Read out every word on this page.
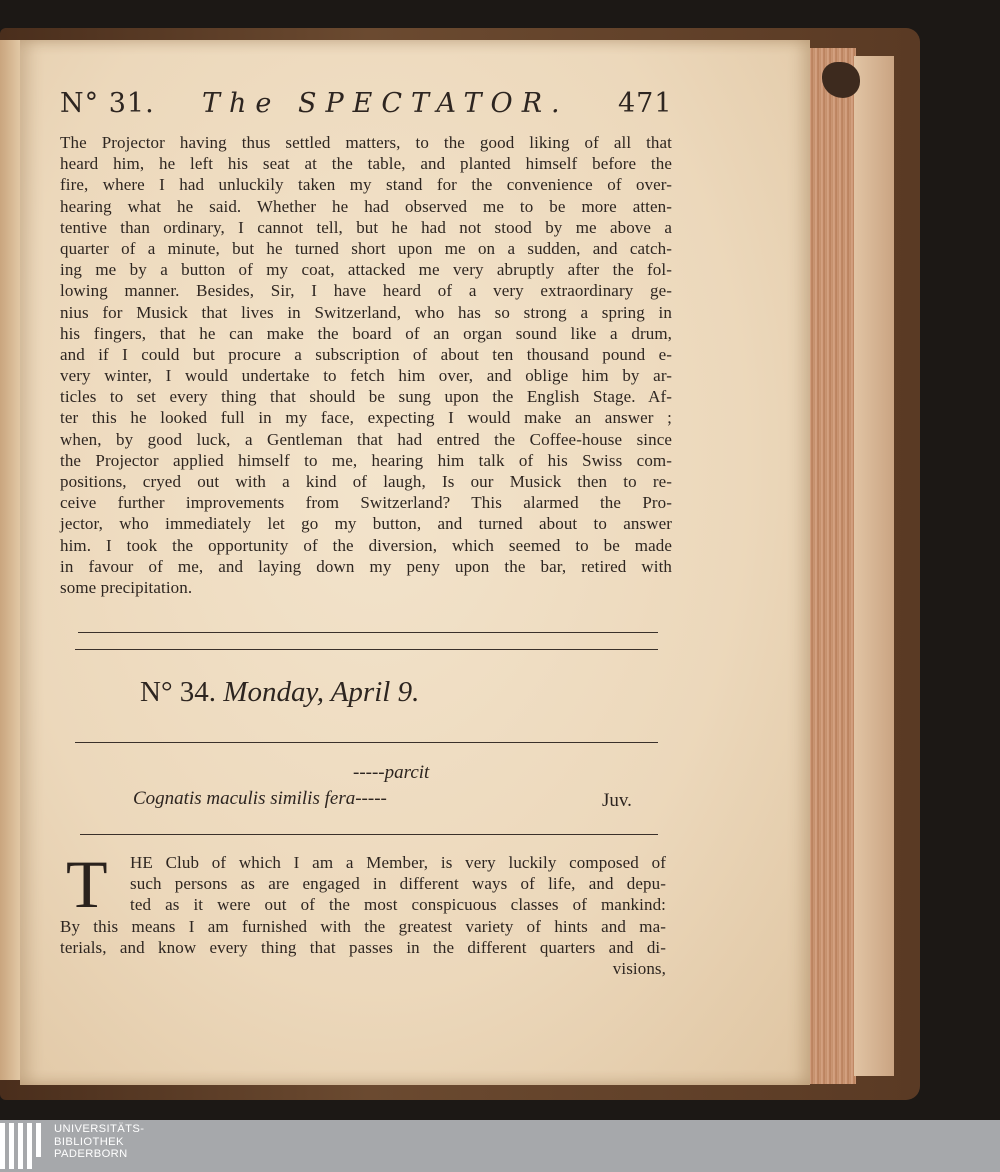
N° 31. The SPECTATOR. 471
The Projector having thus settled matters, to the good liking of all that
heard him, he left his seat at the table, and planted himself before the
fire, where I had unluckily taken my stand for the convenience of over-
hearing what he said. Whether he had observed me to be more atten-
tentive than ordinary, I cannot tell, but he had not stood by me above a
quarter of a minute, but he turned short upon me on a sudden, and catch-
ing me by a button of my coat, attacked me very abruptly after the fol-
lowing manner. Besides, Sir, I have heard of a very extraordinary ge-
nius for Musick that lives in Switzerland, who has so strong a spring in
his fingers, that he can make the board of an organ sound like a drum,
and if I could but procure a subscription of about ten thousand pound e-
very winter, I would undertake to fetch him over, and oblige him by ar-
ticles to set every thing that should be sung upon the English Stage. Af-
ter this he looked full in my face, expecting I would make an answer ;
when, by good luck, a Gentleman that had entred the Coffee-house since
the Projector applied himself to me, hearing him talk of his Swiss com-
positions, cryed out with a kind of laugh, Is our Musick then to re-
ceive further improvements from Switzerland? This alarmed the Pro-
jector, who immediately let go my button, and turned about to answer
him. I took the opportunity of the diversion, which seemed to be made
in favour of me, and laying down my peny upon the bar, retired with
some precipitation.
N° 34. Monday, April 9.
-----parcit
Cognatis maculis similis fera-----	Juv.
T HE Club of which I am a Member, is very luckily composed of
such persons as are engaged in different ways of life, and depu-
ted as it were out of the most conspicuous classes of mankind:
By this means I am furnished with the greatest variety of hints and ma-
terials, and know every thing that passes in the different quarters and di-
visions,
UNIVERSITÄTS-
BIBLIOTHEK
PADERBORN
